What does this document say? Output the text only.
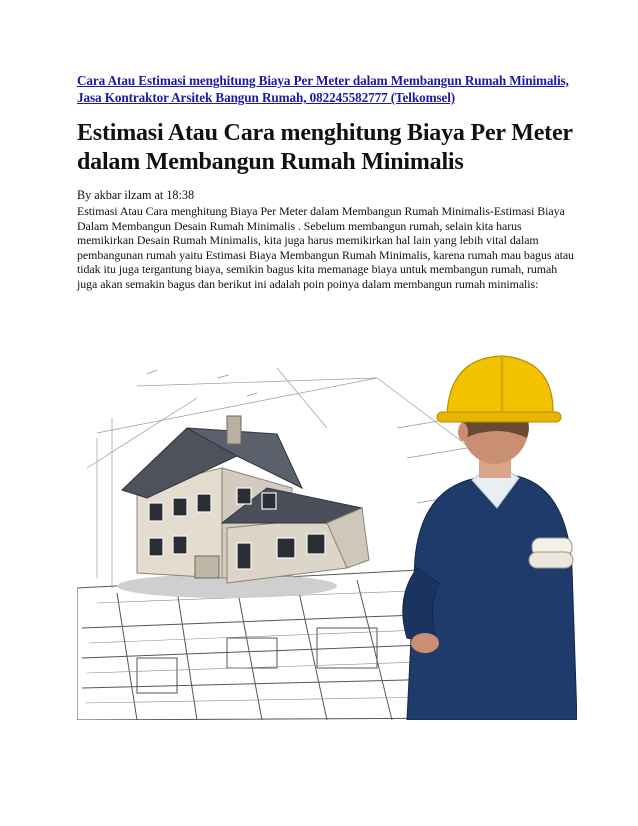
Cara Atau Estimasi menghitung Biaya Per Meter dalam Membangun Rumah Minimalis, Jasa Kontraktor Arsitek Bangun Rumah, 082245582777 (Telkomsel)
Estimasi Atau Cara menghitung Biaya Per Meter dalam Membangun Rumah Minimalis
By akbar ilzam at 18:38
Estimasi Atau Cara menghitung Biaya Per Meter dalam Membangun Rumah Minimalis-Estimasi Biaya Dalam Membangun Desain Rumah Minimalis . Sebelum membangun rumah, selain kita harus memikirkan Desain Rumah Minimalis, kita juga harus memikirkan hal lain yang lebih vital dalam pembangunan rumah yaitu Estimasi Biaya Membangun Rumah Minimalis, karena rumah mau bagus atau tidak itu juga tergantung biaya, semikin bagus kita memanage biaya untuk membangun rumah, rumah juga akan semakin bagus dan berikut ini adalah poin poinya dalam membangun rumah minimalis:
